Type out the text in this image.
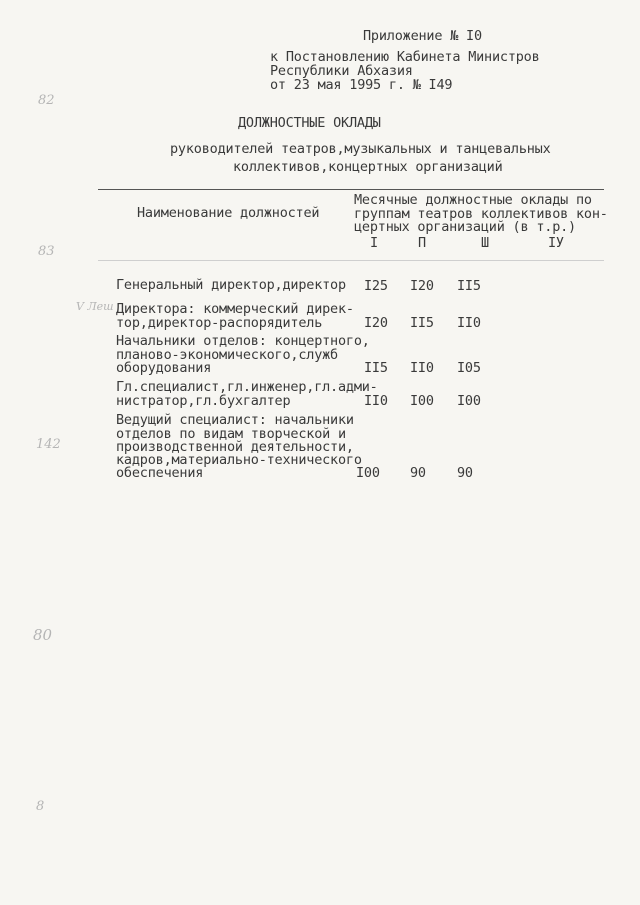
Приложение № I0
к Постановлению Кабинета Министров
Республики Абхазия
от 23 мая 1995 г. № I49
ДОЛЖНОСТНЫЕ ОКЛАДЫ
руководителей театров,музыкальных и танцевальных
коллективов,концертных организаций
Наименование должностей
Месячные должностные оклады по
группам театров коллективов кон-
цертных организаций (в т.р.)
I	П	Ш	IУ
Генеральный директор,директор I25 I20 II5
Директора: коммерческий дирек-
тор,директор-распорядитель	I20 II5 II0
Начальники отделов: концертного,
планово-экономического,служб
оборудования	II5 II0 I05
Гл.специалист,гл.инженер,гл.адми-
нистратор,гл.бухгалтер	II0 I00 I00
Ведущий специалист: начальники
отделов по видам творческой и
производственной деятельности,
кадров,материально-технического
обеспечения	I00 90 90
82
83
V Леш
142
80
8
